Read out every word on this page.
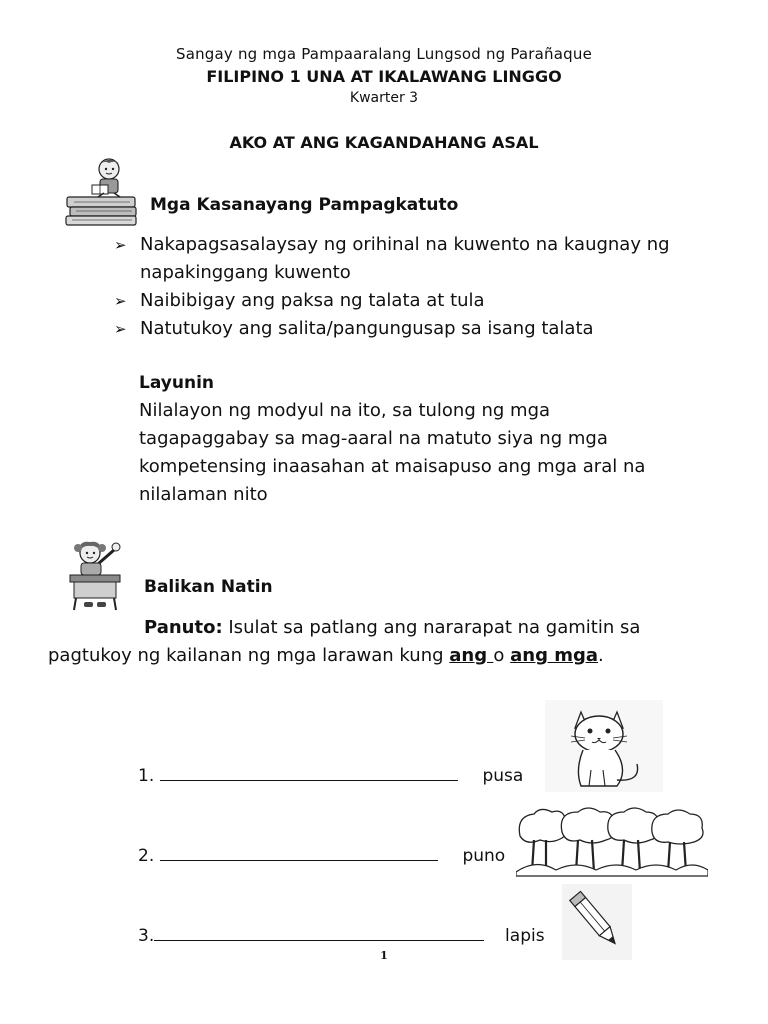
Sangay ng mga Pampaaralang Lungsod ng Parañaque
FILIPINO 1 UNA AT IKALAWANG LINGGO
Kwarter 3
AKO AT ANG KAGANDAHANG ASAL
Mga Kasanayang Pampagkatuto
➢ Nakapagsasalaysay ng orihinal na kuwento na kaugnay ng napakinggang kuwento
➢ Naibibigay ang paksa ng talata at tula
➢ Natutukoy ang salita/pangungusap sa isang talata
Layunin
Nilalayon ng modyul na ito, sa tulong ng mga
tagapaggabay sa mag-aaral na matuto siya ng mga
kompetensing inaasahan at maisapuso ang mga aral na
nilalaman nito
Balikan Natin
Panuto: Isulat sa patlang ang nararapat na gamitin sa
pagtukoy ng kailanan ng mga larawan kung ang o ang mga.
1.	pusa
2.	puno
3.	lapis
1
